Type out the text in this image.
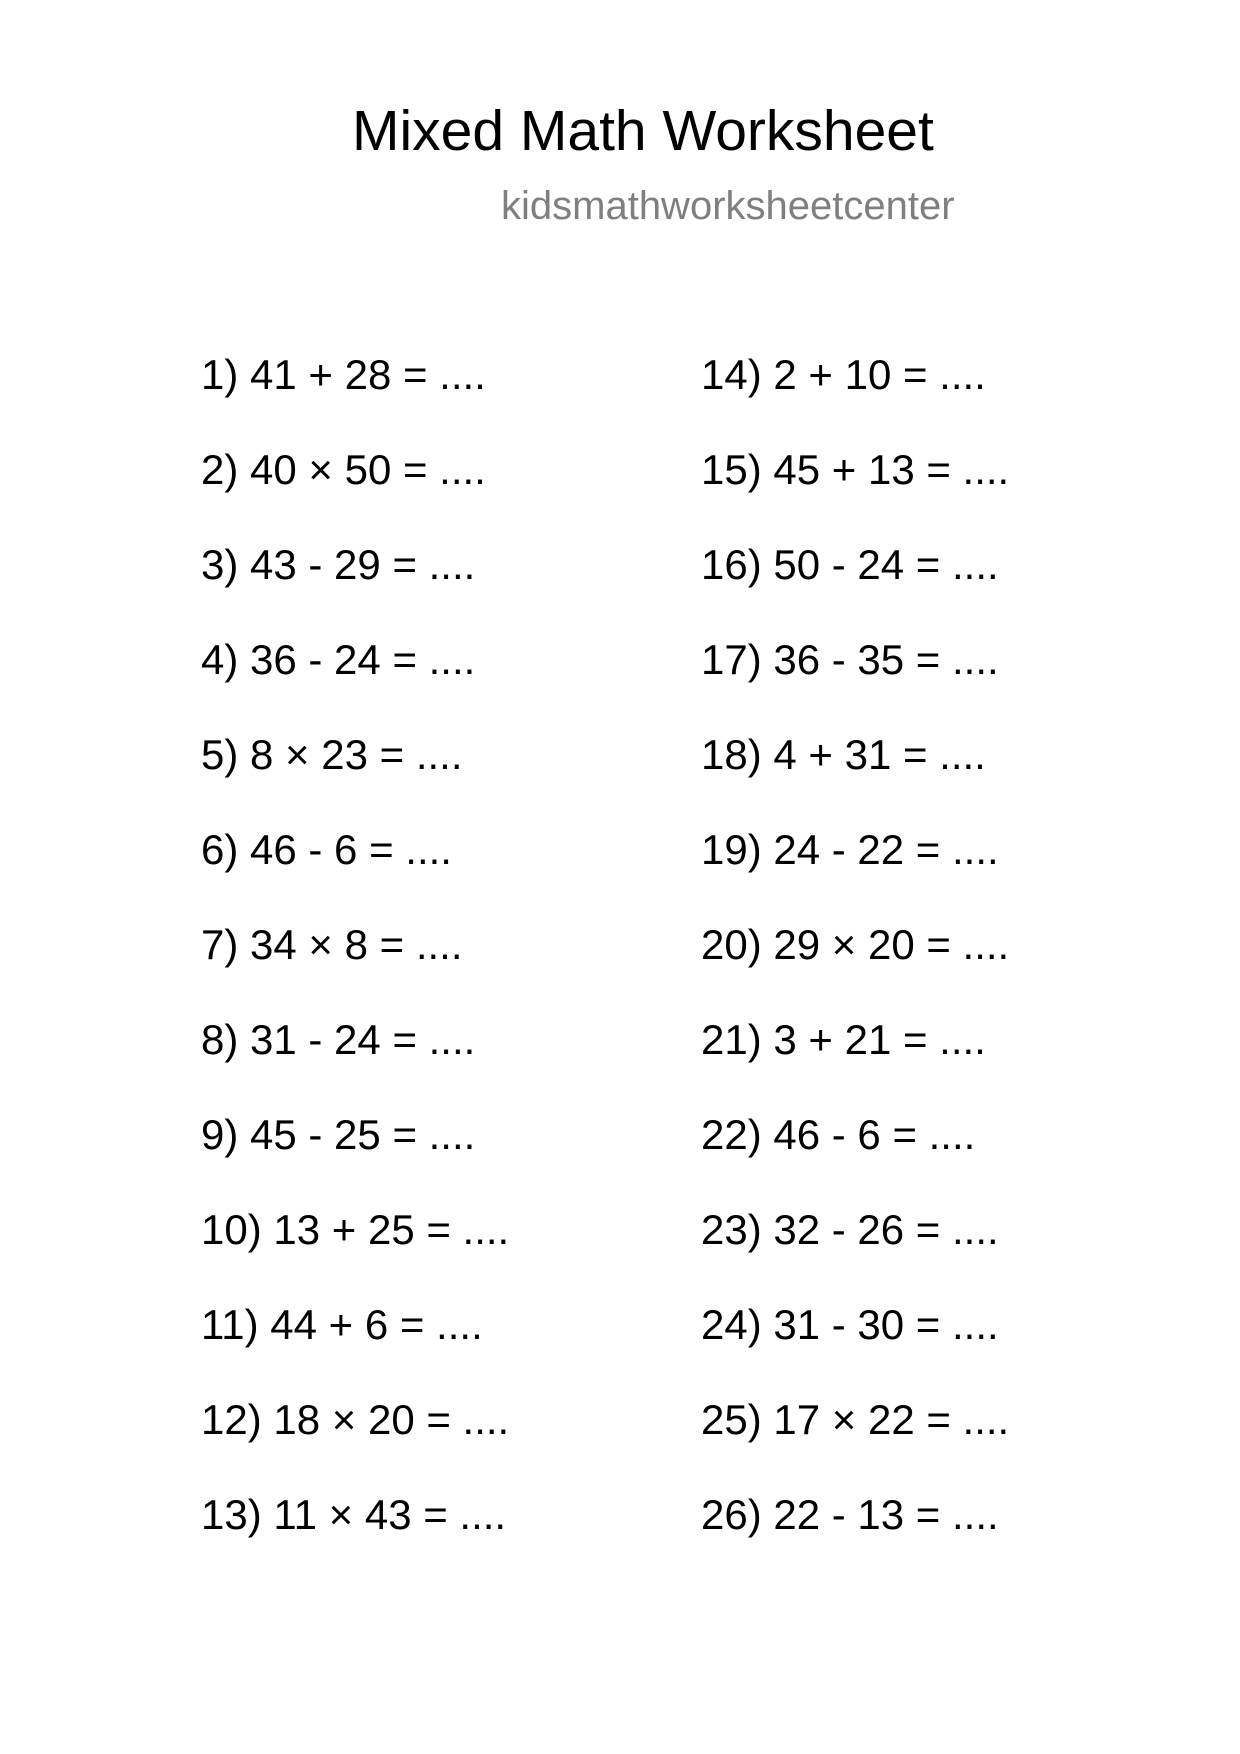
Mixed Math Worksheet
kidsmathworksheetcenter
1) 41 + 28 = ....
2) 40 × 50 = ....
3) 43 - 29 = ....
4) 36 - 24 = ....
5) 8 × 23 = ....
6) 46 - 6 = ....
7) 34 × 8 = ....
8) 31 - 24 = ....
9) 45 - 25 = ....
10) 13 + 25 = ....
11) 44 + 6 = ....
12) 18 × 20 = ....
13) 11 × 43 = ....
14) 2 + 10 = ....
15) 45 + 13 = ....
16) 50 - 24 = ....
17) 36 - 35 = ....
18) 4 + 31 = ....
19) 24 - 22 = ....
20) 29 × 20 = ....
21) 3 + 21 = ....
22) 46 - 6 = ....
23) 32 - 26 = ....
24) 31 - 30 = ....
25) 17 × 22 = ....
26) 22 - 13 = ....
